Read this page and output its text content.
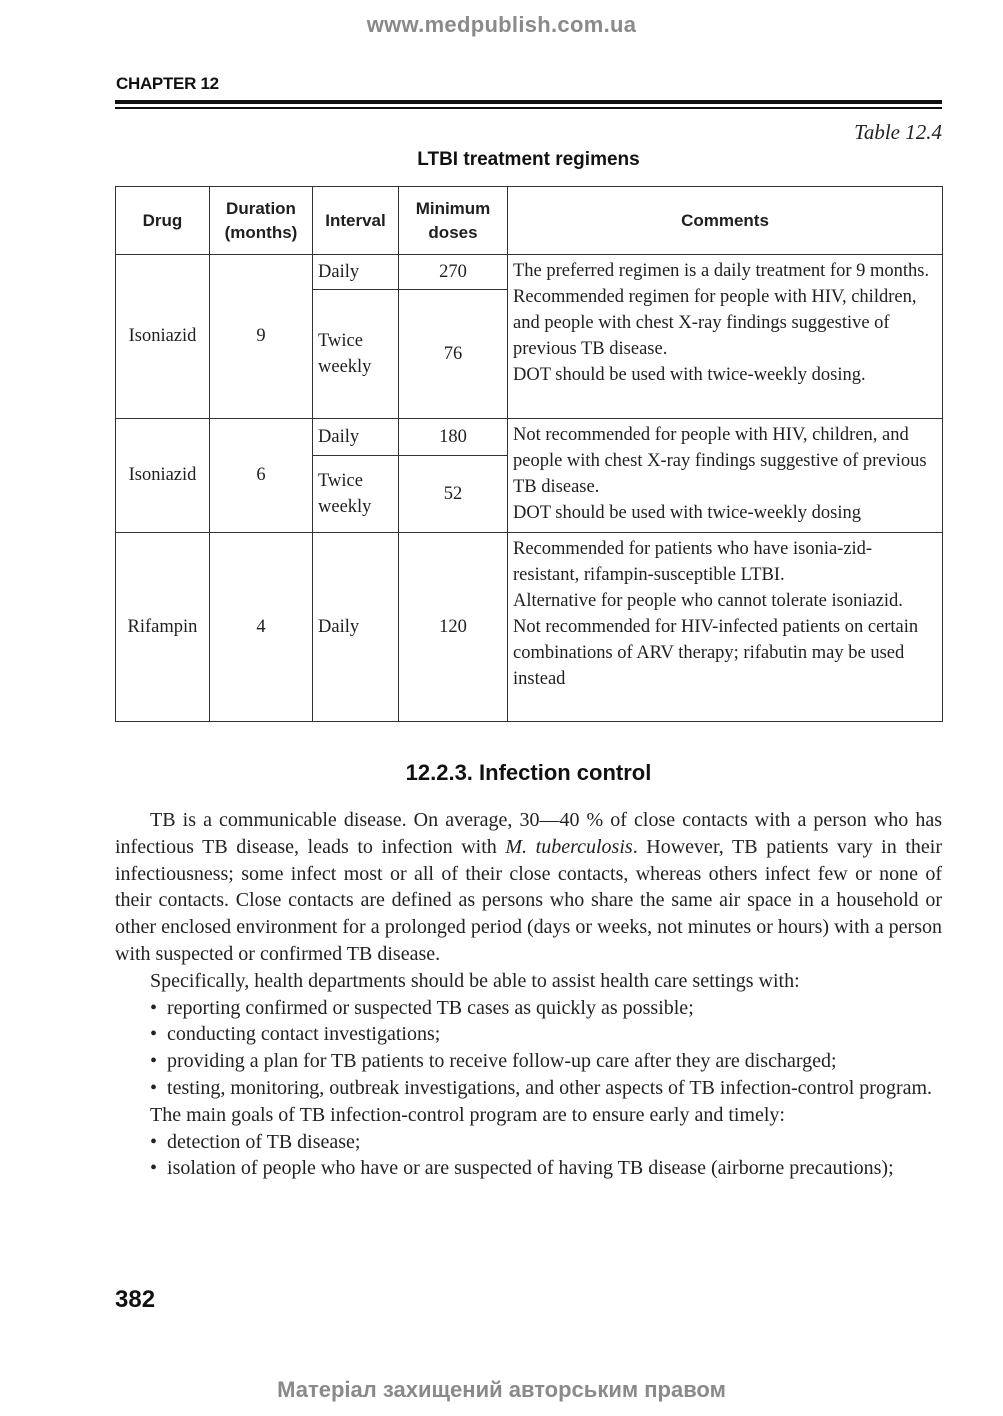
www.medpublish.com.ua
CHAPTER 12
Table 12.4
LTBI treatment regimens
Drug	Duration (months)	Interval	Minimum doses	Comments
Isoniazid	9	Daily	270	The preferred regimen is a daily treatment for 9 months.
Recommended regimen for people with HIV, children, and people with chest X-ray findings suggestive of previous TB disease.
DOT should be used with twice-weekly dosing.

		Twice weekly	76	
Isoniazid	6	Daily	180	Not recommended for people with HIV, children, and people with chest X-ray findings suggestive of previous TB disease.
DOT should be used with twice-weekly dosing

		Twice weekly	52	
Rifampin	4	Daily	120	Recommended for patients who have isonia-zid-resistant, rifampin-susceptible LTBI.
Alternative for people who cannot tolerate isoniazid.
Not recommended for HIV-infected patients on certain combinations of ARV therapy; rifabutin may be used instead
12.2.3. Infection control

TB is a communicable disease. On average, 30—40 % of close contacts with a person who has infectious TB disease, leads to infection with M. tuberculosis. However, TB patients vary in their infectiousness; some infect most or all of their close contacts, whereas others infect few or none of their contacts. Close contacts are defined as persons who share the same air space in a household or other enclosed environment for a prolonged period (days or weeks, not minutes or hours) with a person with suspected or confirmed TB disease.

Specifically, health departments should be able to assist health care settings with:

•  reporting confirmed or suspected TB cases as quickly as possible;

•  conducting contact investigations;

•  providing a plan for TB patients to receive follow-up care after they are discharged;

•  testing, monitoring, outbreak investigations, and other aspects of TB infection-control program.

The main goals of TB infection-control program are to ensure early and timely:

•  detection of TB disease;

•  isolation of people who have or are suspected of having TB disease (airborne precautions);

382
Матеріал захищений авторським правом
